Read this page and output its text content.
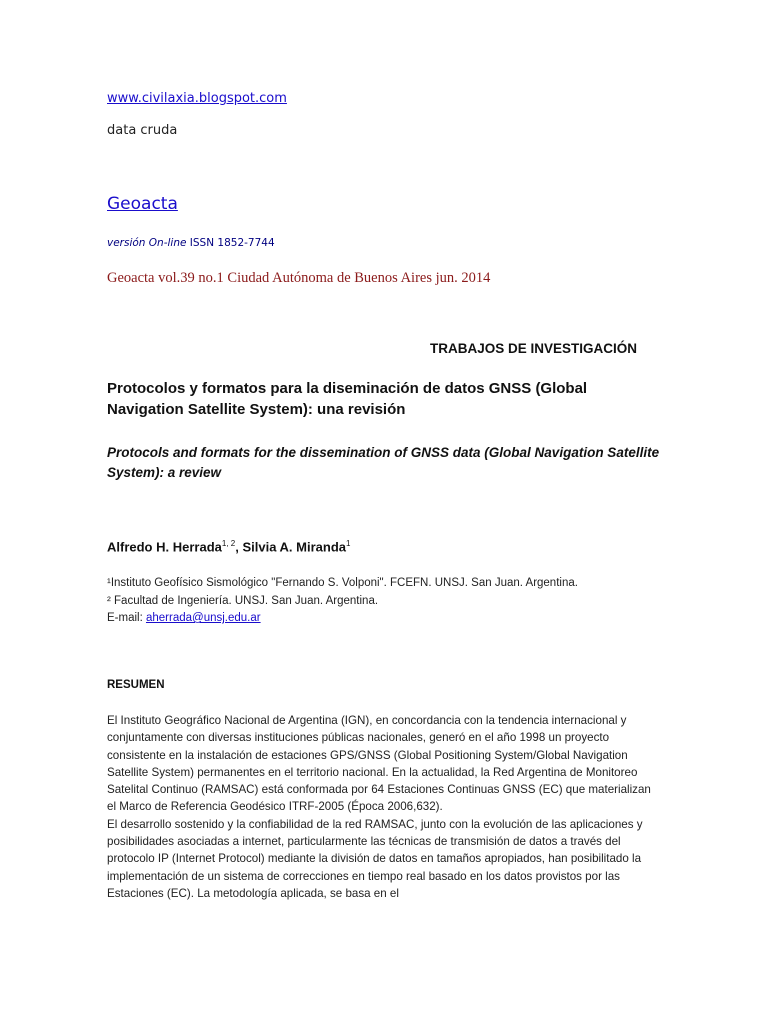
www.civilaxia.blogspot.com
data cruda
Geoacta
versión On-line ISSN 1852-7744
Geoacta vol.39 no.1 Ciudad Autónoma de Buenos Aires jun. 2014
TRABAJOS DE INVESTIGACIÓN
Protocolos y formatos para la diseminación de datos GNSS (Global Navigation Satellite System): una revisión
Protocols and formats for the dissemination of GNSS data (Global Navigation Satellite System): a review
Alfredo H. Herrada$^{1, 2}$, Silvia A. Miranda$^1$
¹Instituto Geofísico Sismológico "Fernando S. Volponi". FCEFN. UNSJ. San Juan. Argentina.
² Facultad de Ingeniería. UNSJ. San Juan. Argentina.
E-mail: aherrada@unsj.edu.ar
RESUMEN

El Instituto Geográfico Nacional de Argentina (IGN), en concordancia con la tendencia internacional y conjuntamente con diversas instituciones públicas nacionales, generó en el año 1998 un proyecto consistente en la instalación de estaciones GPS/GNSS (Global Positioning System/Global Navigation Satellite System) permanentes en el territorio nacional. En la actualidad, la Red Argentina de Monitoreo Satelital Continuo (RAMSAC) está conformada por 64 Estaciones Continuas GNSS (EC) que materializan el Marco de Referencia Geodésico ITRF-2005 (Época 2006,632).

El desarrollo sostenido y la confiabilidad de la red RAMSAC, junto con la evolución de las aplicaciones y posibilidades asociadas a internet, particularmente las técnicas de transmisión de datos a través del protocolo IP (Internet Protocol) mediante la división de datos en tamaños apropiados, han posibilitado la implementación de un sistema de correcciones en tiempo real basado en los datos provistos por las Estaciones (EC). La metodología aplicada, se basa en el
